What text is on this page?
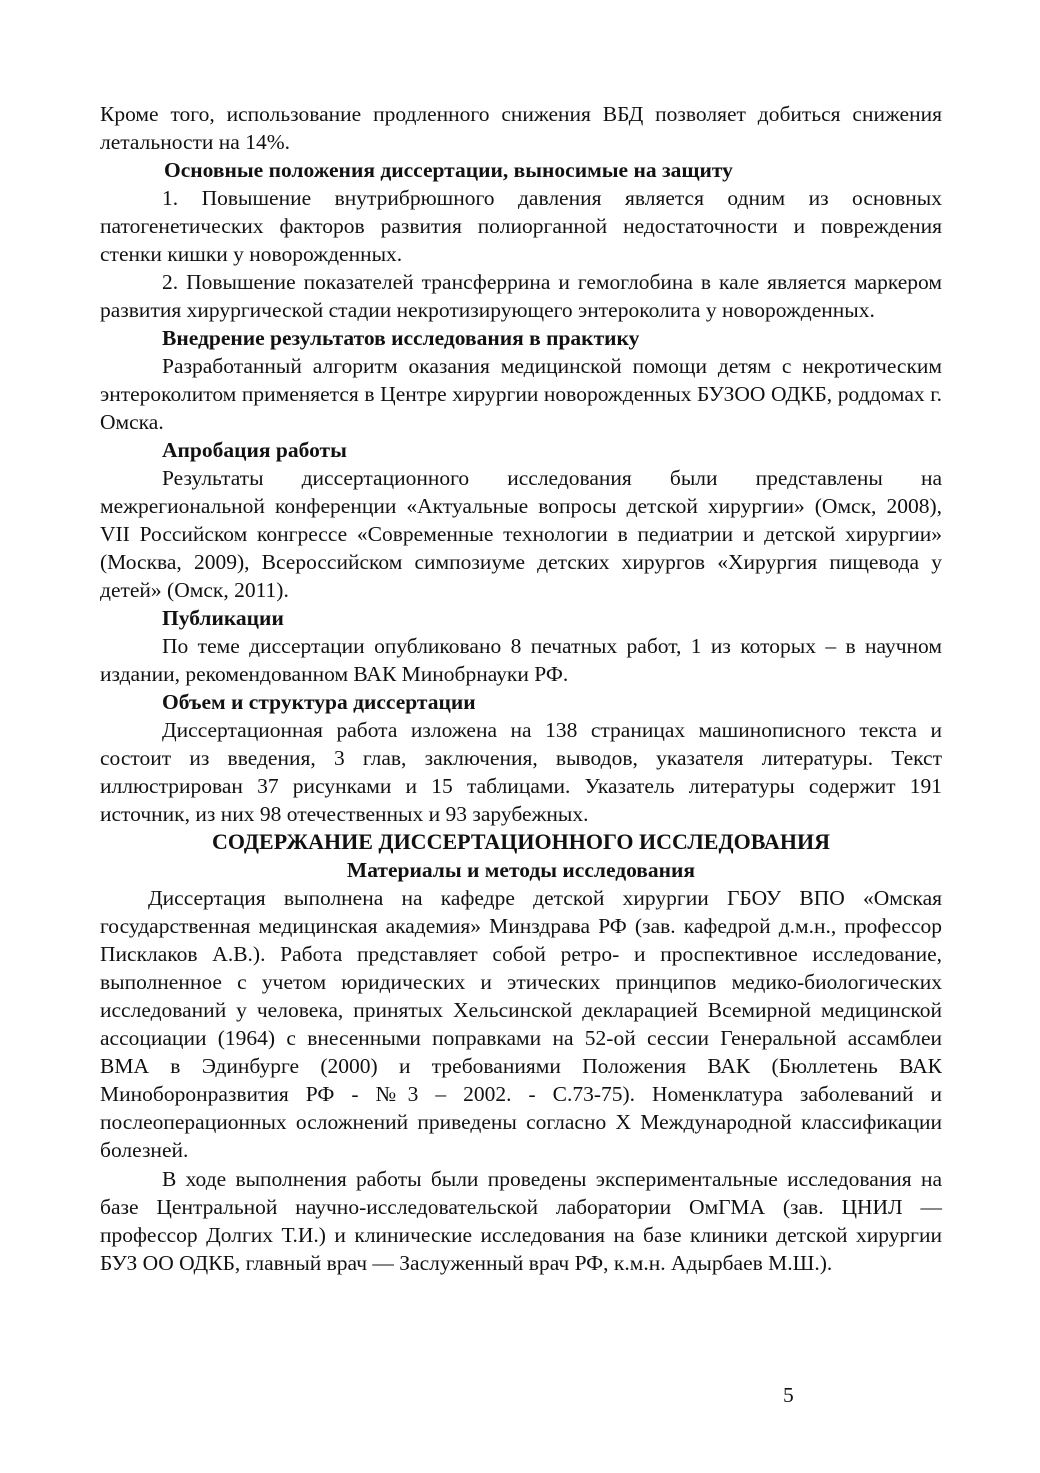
Кроме того, использование продленного снижения ВБД позволяет добиться снижения летальности на 14%.

Основные положения диссертации, выносимые на защиту

1. Повышение внутрибрюшного давления является одним из основных патогенетических факторов развития полиорганной недостаточности и повреждения стенки кишки у новорожденных.

2. Повышение показателей трансферрина и гемоглобина в кале является маркером развития хирургической стадии некротизирующего энтероколита у новорожденных.

Внедрение результатов исследования в практику

Разработанный алгоритм оказания медицинской помощи детям с некротическим энтероколитом применяется в Центре хирургии новорожденных БУЗОО ОДКБ, роддомах г. Омска.

Апробация работы

Результаты диссертационного исследования были представлены на межрегиональной конференции «Актуальные вопросы детской хирургии» (Омск, 2008), VII Российском конгрессе «Современные технологии в педиатрии и детской хирургии» (Москва, 2009), Всероссийском симпозиуме детских хирургов «Хирургия пищевода у детей» (Омск, 2011).

Публикации

По теме диссертации опубликовано 8 печатных работ, 1 из которых – в научном издании, рекомендованном ВАК Минобрнауки РФ.

Объем и структура диссертации

Диссертационная работа изложена на 138 страницах машинописного текста и состоит из введения, 3 глав, заключения, выводов, указателя литературы. Текст иллюстрирован 37 рисунками и 15 таблицами. Указатель литературы содержит 191 источник, из них 98 отечественных и 93 зарубежных.

СОДЕРЖАНИЕ ДИССЕРТАЦИОННОГО ИССЛЕДОВАНИЯ

Материалы и методы исследования

Диссертация выполнена на кафедре детской хирургии ГБОУ ВПО «Омская государственная медицинская академия» Минздрава РФ (зав. кафедрой д.м.н., профессор Писклаков А.В.). Работа представляет собой ретро- и проспективное исследование, выполненное с учетом юридических и этических принципов медико-биологических исследований у человека, принятых Хельсинской декларацией Всемирной медицинской ассоциации (1964) с внесенными поправками на 52-ой сессии Генеральной ассамблеи ВМА в Эдинбурге (2000) и требованиями Положения ВАК (Бюллетень ВАК Миноборонразвития РФ - №3 – 2002. - С.73-75). Номенклатура заболеваний и послеоперационных осложнений приведены согласно Х Международной классификации болезней.

В ходе выполнения работы были проведены экспериментальные исследования на базе Центральной научно-исследовательской лаборатории ОмГМА (зав. ЦНИЛ — профессор Долгих Т.И.) и клинические исследования на базе клиники детской хирургии БУЗ ОО ОДКБ, главный врач — Заслуженный врач РФ, к.м.н. Адырбаев М.Ш.).

5
